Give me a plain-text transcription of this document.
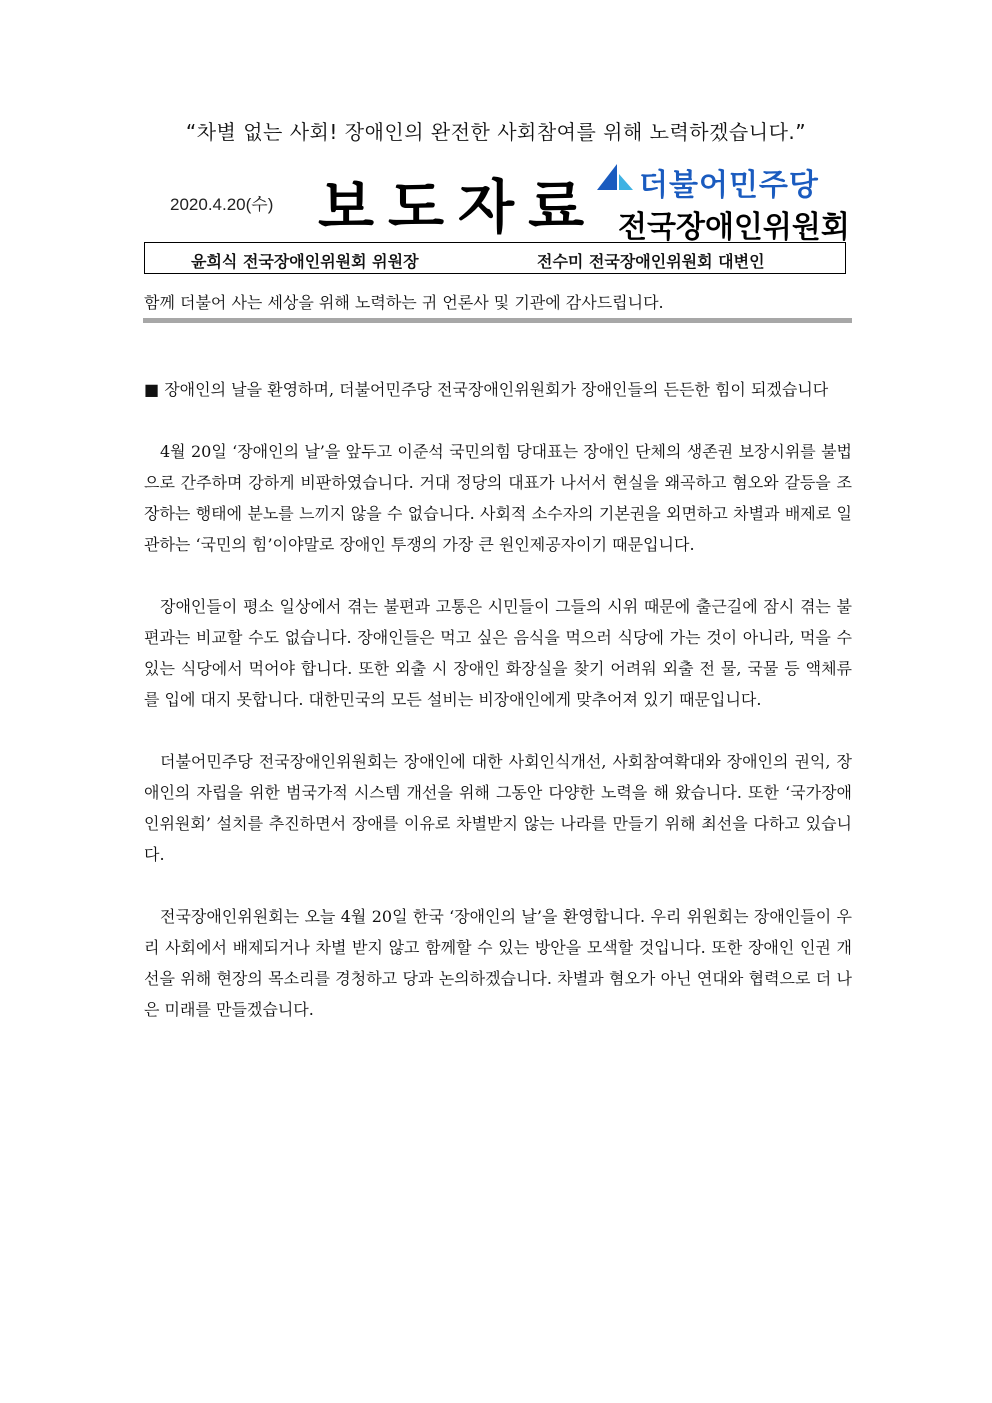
“차별 없는 사회! 장애인의 완전한 사회참여를 위해 노력하겠습니다.”
2020.4.20(수) 보도자료 더불어민주당
전국장애인위원회
윤희식 전국장애인위원회 위원장	전수미 전국장애인위원회 대변인
함께 더불어 사는 세상을 위해 노력하는 귀 언론사 및 기관에 감사드립니다.

■ 장애인의 날을 환영하며, 더불어민주당 전국장애인위원회가 장애인들의 든든한 힘이 되겠습니다

4월 20일 ‘장애인의 날’을 앞두고 이준석 국민의힘 당대표는 장애인 단체의 생존권 보장시위를 불법으로 간주하며 강하게 비판하였습니다. 거대 정당의 대표가 나서서 현실을 왜곡하고 혐오와 갈등을 조장하는 행태에 분노를 느끼지 않을 수 없습니다. 사회적 소수자의 기본권을 외면하고 차별과 배제로 일관하는 ‘국민의 힘’이야말로 장애인 투쟁의 가장 큰 원인제공자이기 때문입니다.

장애인들이 평소 일상에서 겪는 불편과 고통은 시민들이 그들의 시위 때문에 출근길에 잠시 겪는 불편과는 비교할 수도 없습니다. 장애인들은 먹고 싶은 음식을 먹으러 식당에 가는 것이 아니라, 먹을 수 있는 식당에서 먹어야 합니다. 또한 외출 시 장애인 화장실을 찾기 어려워 외출 전 물, 국물 등 액체류를 입에 대지 못합니다. 대한민국의 모든 설비는 비장애인에게 맞추어져 있기 때문입니다.

더불어민주당 전국장애인위원회는 장애인에 대한 사회인식개선, 사회참여확대와 장애인의 권익, 장애인의 자립을 위한 범국가적 시스템 개선을 위해 그동안 다양한 노력을 해 왔습니다. 또한 ‘국가장애인위원회’ 설치를 추진하면서 장애를 이유로 차별받지 않는 나라를 만들기 위해 최선을 다하고 있습니다.

전국장애인위원회는 오늘 4월 20일 한국 ‘장애인의 날’을 환영합니다. 우리 위원회는 장애인들이 우리 사회에서 배제되거나 차별 받지 않고 함께할 수 있는 방안을 모색할 것입니다. 또한 장애인 인권 개선을 위해 현장의 목소리를 경청하고 당과 논의하겠습니다. 차별과 혐오가 아닌 연대와 협력으로 더 나은 미래를 만들겠습니다.
